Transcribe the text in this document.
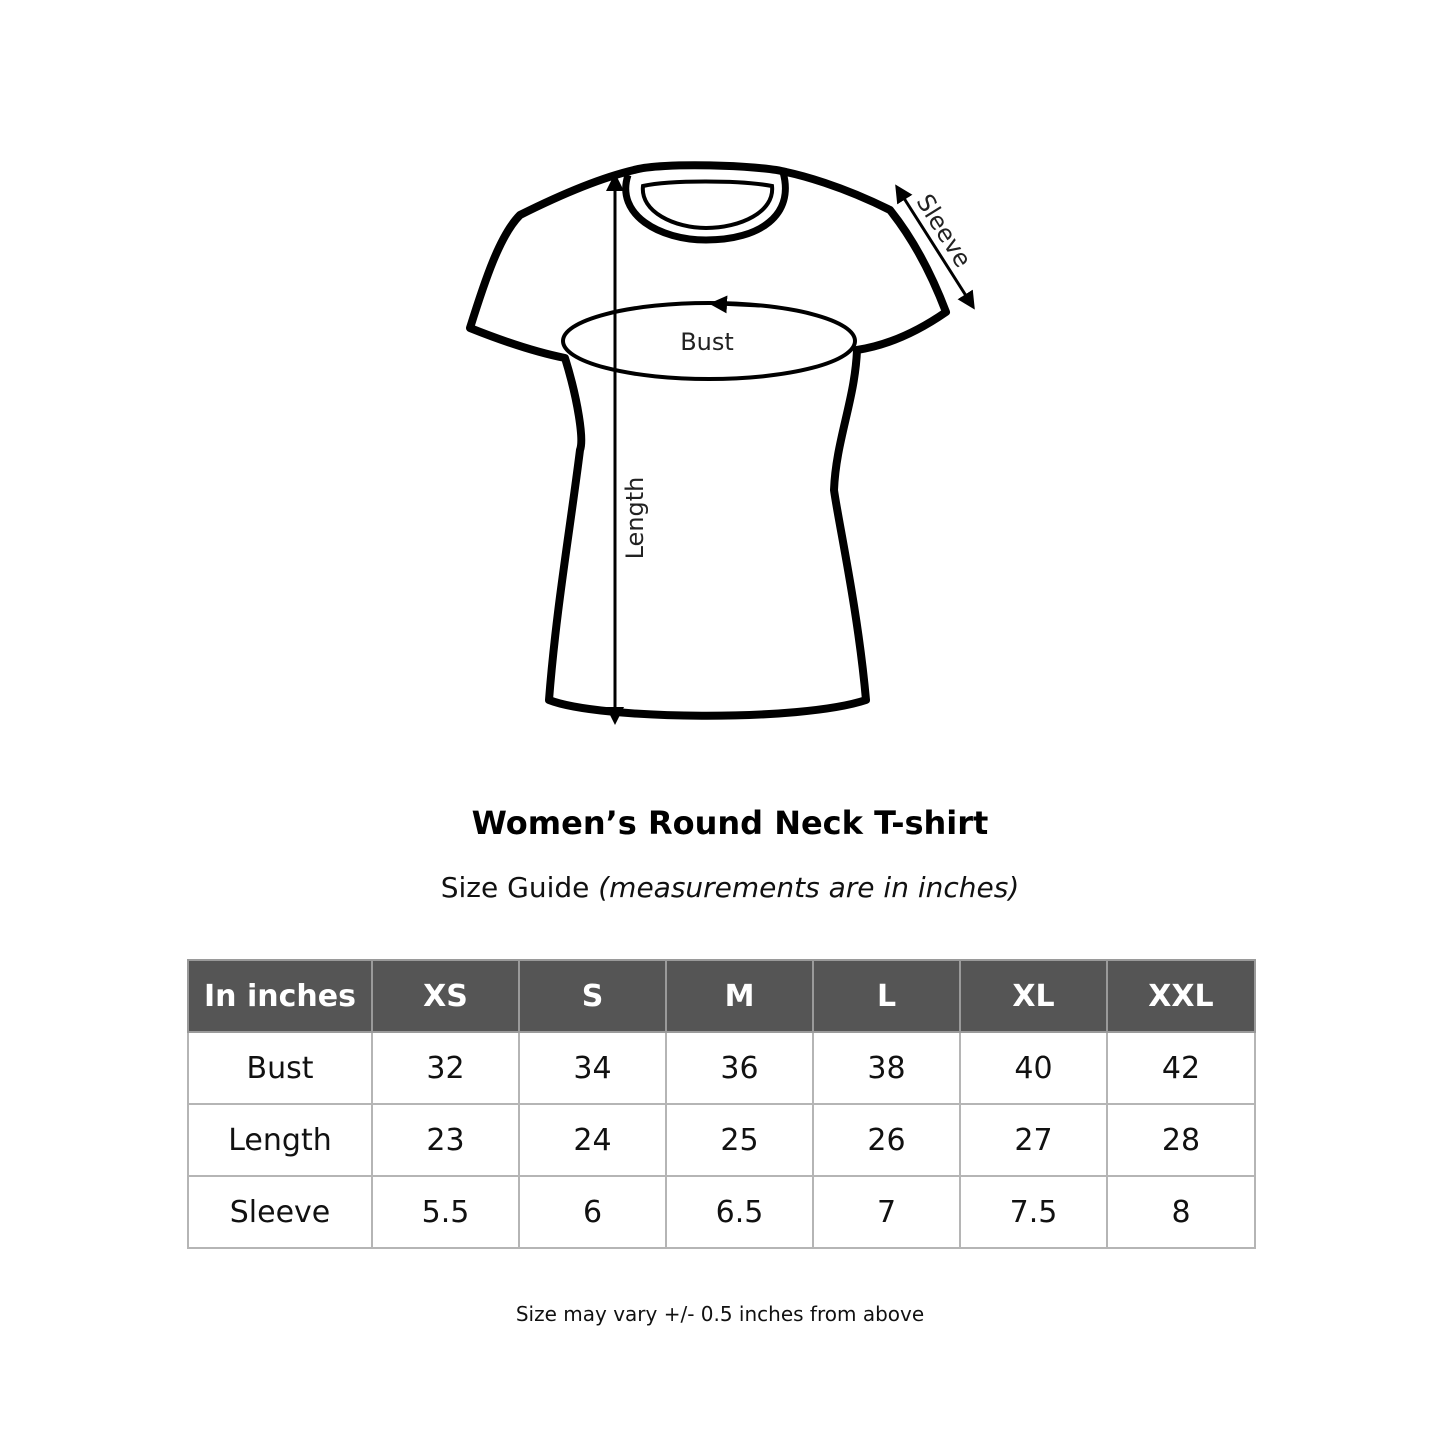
Bust
Length
Sleeve
Women’s Round Neck T-shirt
Size Guide (measurements are in inches)
In inches	XS	S	M	L	XL	XXL
Bust	32	34	36	38	40	42
Length	23	24	25	26	27	28
Sleeve	5.5	6	6.5	7	7.5	8
Size may vary +/- 0.5 inches from above
